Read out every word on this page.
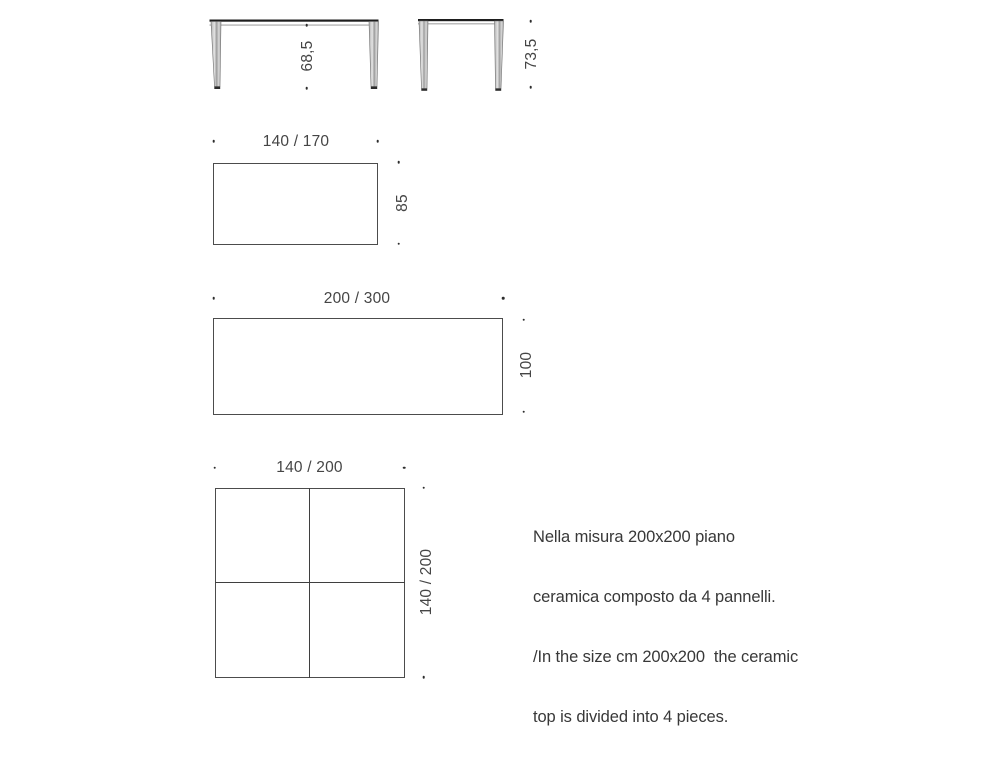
68,5	73,5
140 / 170
85
200 / 300
100
140 / 200
140 / 200

Nella misura 200x200 piano

ceramica composto da 4 pannelli.

/In the size cm 200x200  the ceramic

top is divided into 4 pieces.
